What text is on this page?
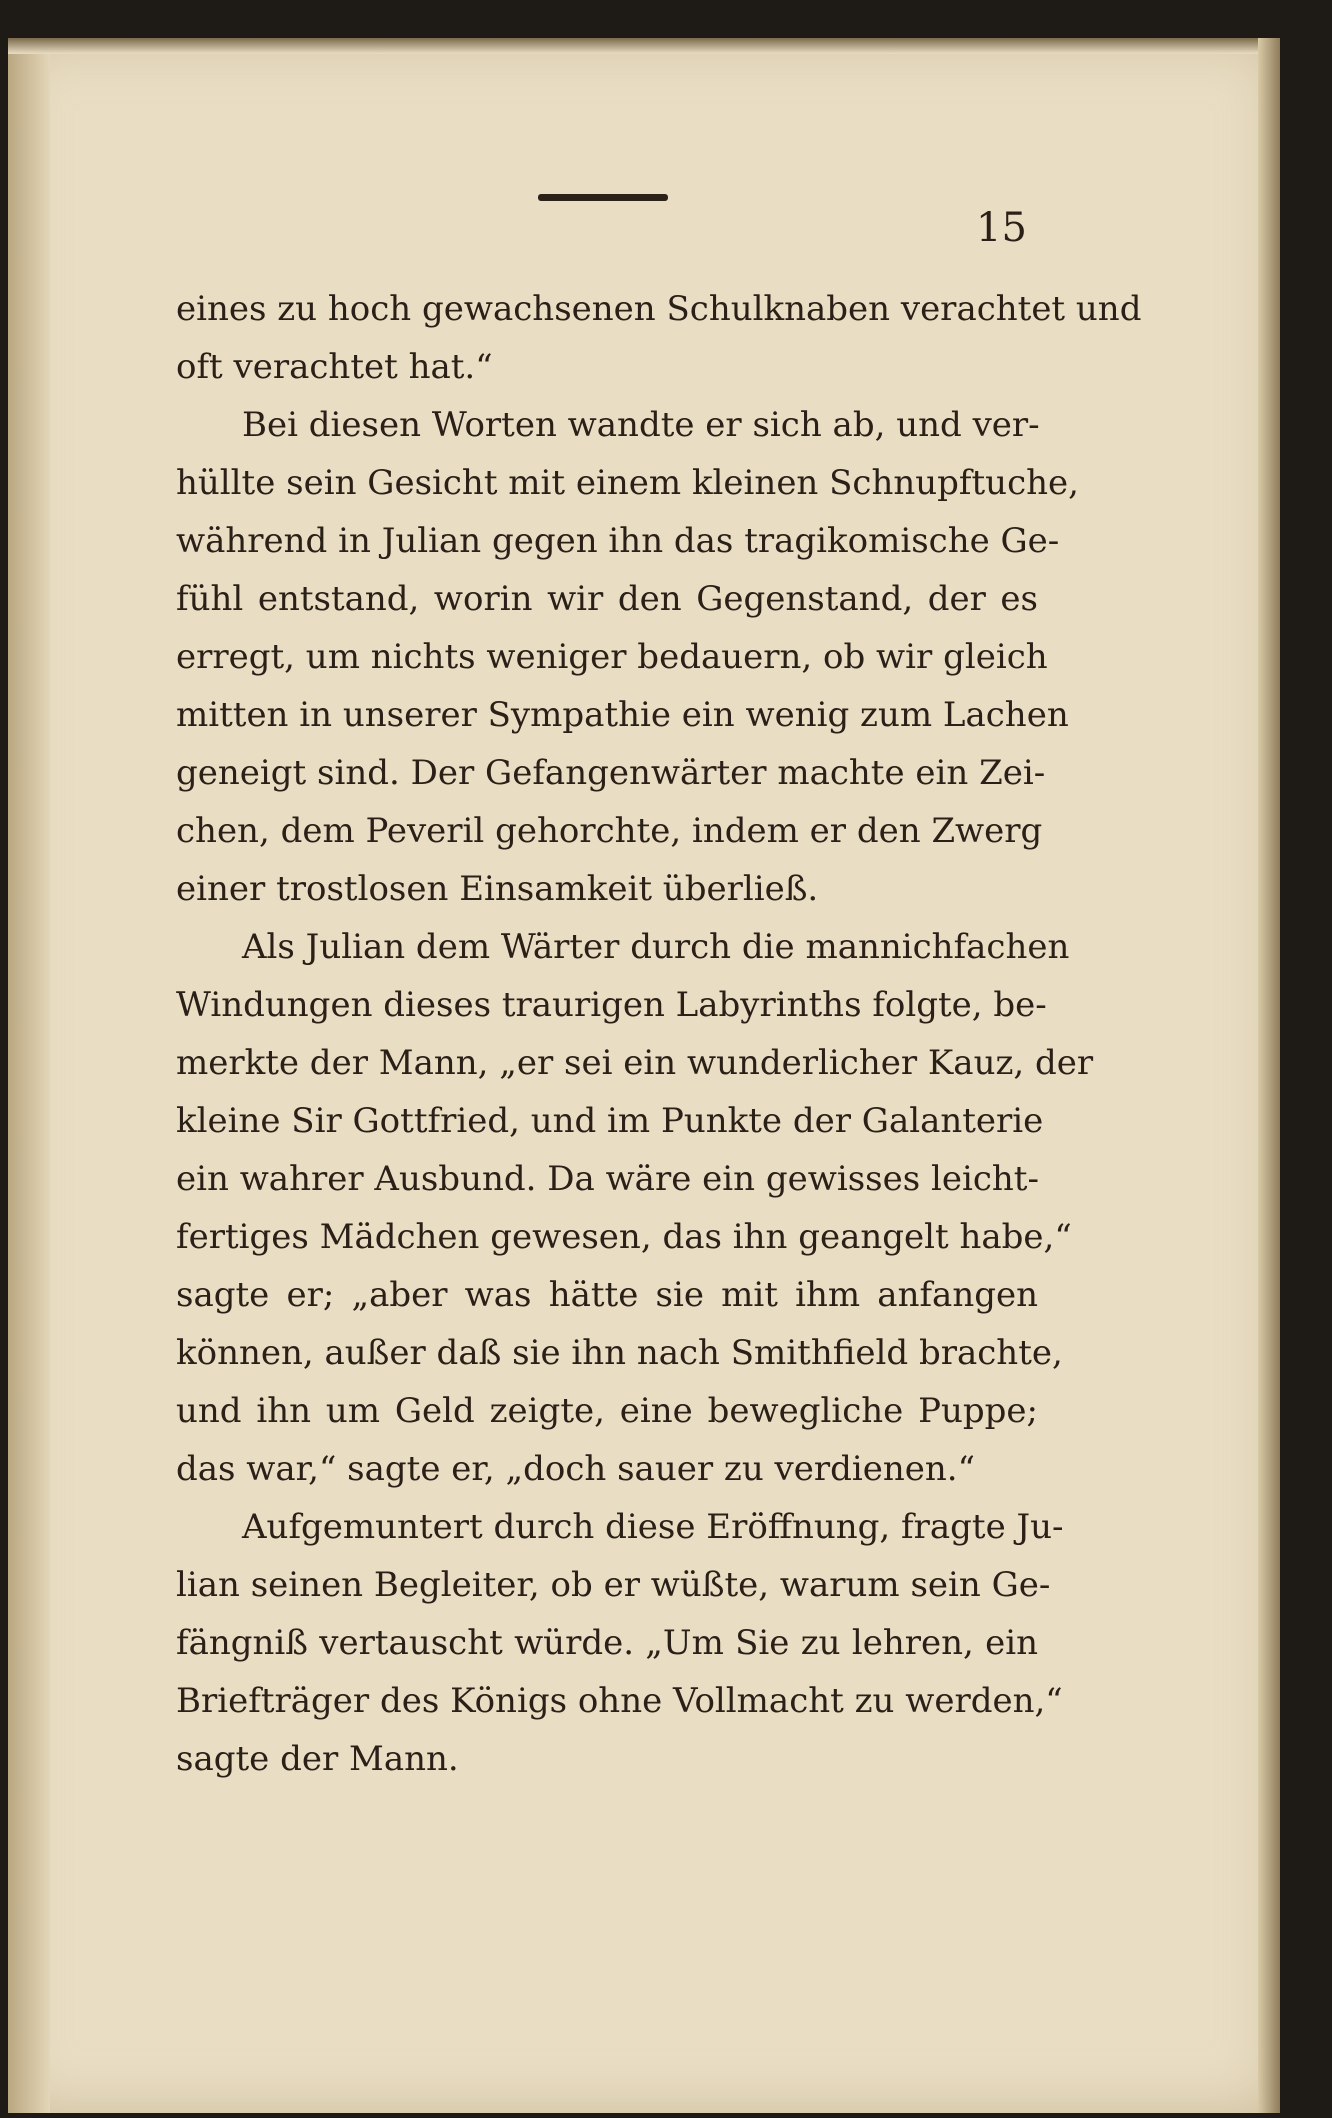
15
eines zu hoch gewachsenen Schulknaben verachtet und
oft verachtet hat.“
Bei diesen Worten wandte er sich ab, und ver‐
hüllte sein Gesicht mit einem kleinen Schnupftuche,
während in Julian gegen ihn das tragikomische Ge‐
fühl entstand, worin wir den Gegenstand, der es
erregt, um nichts weniger bedauern, ob wir gleich
mitten in unserer Sympathie ein wenig zum Lachen
geneigt sind. Der Gefangenwärter machte ein Zei‐
chen, dem Peveril gehorchte, indem er den Zwerg
einer trostlosen Einsamkeit überließ.
Als Julian dem Wärter durch die mannichfachen
Windungen dieses traurigen Labyrinths folgte, be‐
merkte der Mann, „er sei ein wunderlicher Kauz, der
kleine Sir Gottfried, und im Punkte der Galanterie
ein wahrer Ausbund. Da wäre ein gewisses leicht‐
fertiges Mädchen gewesen, das ihn geangelt habe,“
sagte er; „aber was hätte sie mit ihm anfangen
können, außer daß sie ihn nach Smithfield brachte,
und ihn um Geld zeigte, eine bewegliche Puppe;
das war,“ sagte er, „doch sauer zu verdienen.“
Aufgemuntert durch diese Eröffnung, fragte Ju‐
lian seinen Begleiter, ob er wüßte, warum sein Ge‐
fängniß vertauscht würde. „Um Sie zu lehren, ein
Briefträger des Königs ohne Vollmacht zu werden,“
sagte der Mann.
